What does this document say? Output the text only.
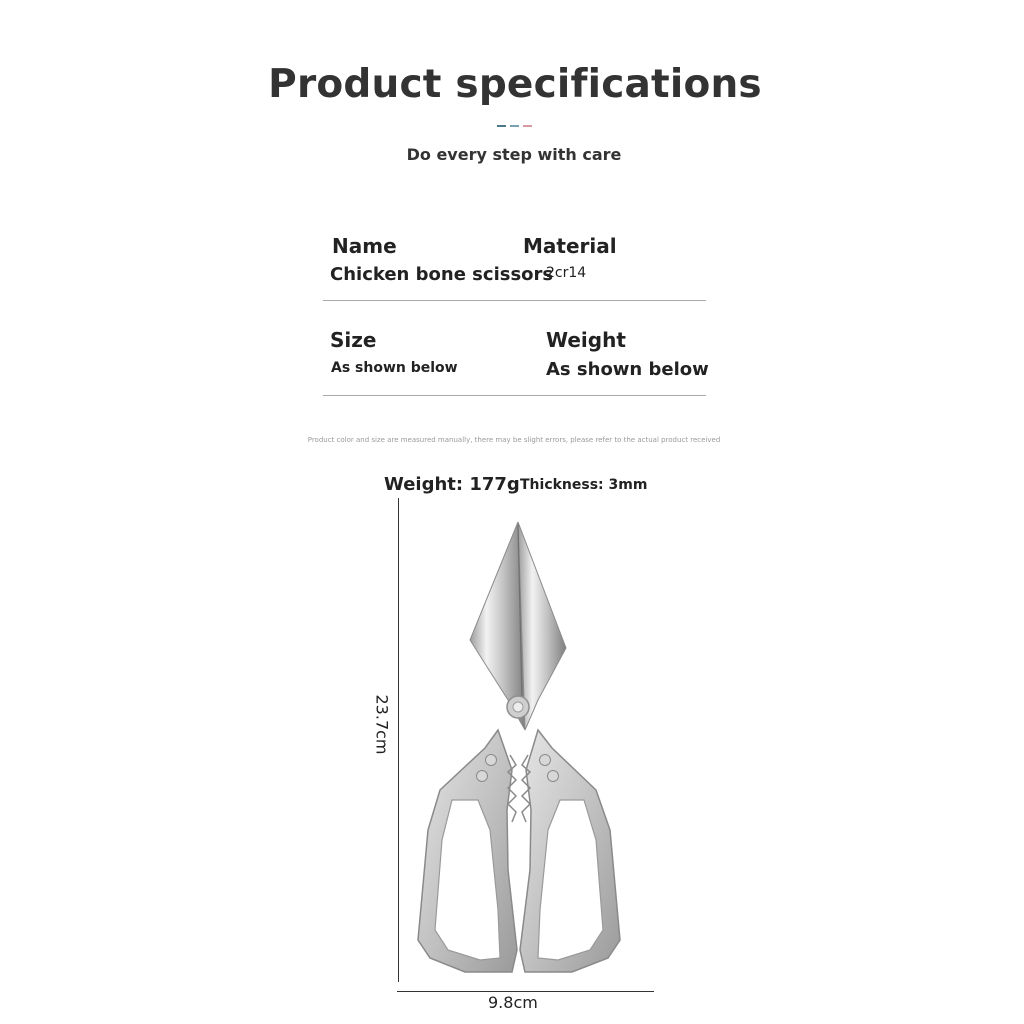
Product specifications
Do every step with care
Name
Chicken bone scissors
Material
2cr14
Size
As shown below
Weight
As shown below
Product color and size are measured manually, there may be slight errors, please refer to the actual product received
Weight: 177g Thickness: 3mm
23.7cm
9.8cm
